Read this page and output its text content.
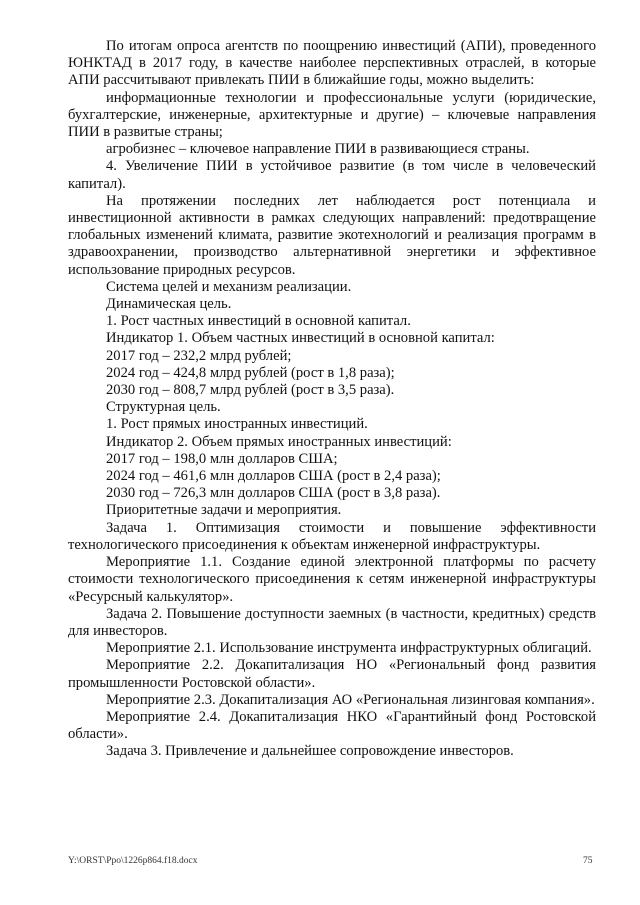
По итогам опроса агентств по поощрению инвестиций (АПИ), проведенного ЮНКТАД в 2017 году, в качестве наиболее перспективных отраслей, в которые АПИ рассчитывают привлекать ПИИ в ближайшие годы, можно выделить:

информационные технологии и профессиональные услуги (юридические, бухгалтерские, инженерные, архитектурные и другие) – ключевые направления ПИИ в развитые страны;

агробизнес – ключевое направление ПИИ в развивающиеся страны.

4. Увеличение ПИИ в устойчивое развитие (в том числе в человеческий капитал).

На протяжении последних лет наблюдается рост потенциала и инвестиционной активности в рамках следующих направлений: предотвращение глобальных изменений климата, развитие экотехнологий и реализация программ в здравоохранении, производство альтернативной энергетики и эффективное использование природных ресурсов.

Система целей и механизм реализации.

Динамическая цель.

1. Рост частных инвестиций в основной капитал.

Индикатор 1. Объем частных инвестиций в основной капитал:

2017 год – 232,2 млрд рублей;

2024 год – 424,8 млрд рублей (рост в 1,8 раза);

2030 год – 808,7 млрд рублей (рост в 3,5 раза).

Структурная цель.

1. Рост прямых иностранных инвестиций.

Индикатор 2. Объем прямых иностранных инвестиций:

2017 год – 198,0 млн долларов США;

2024 год – 461,6 млн долларов США (рост в 2,4 раза);

2030 год – 726,3 млн долларов США (рост в 3,8 раза).

Приоритетные задачи и мероприятия.

Задача 1. Оптимизация стоимости и повышение эффективности технологического присоединения к объектам инженерной инфраструктуры.

Мероприятие 1.1. Создание единой электронной платформы по расчету стоимости технологического присоединения к сетям инженерной инфраструктуры «Ресурсный калькулятор».

Задача 2. Повышение доступности заемных (в частности, кредитных) средств для инвесторов.

Мероприятие 2.1. Использование инструмента инфраструктурных облигаций.

Мероприятие 2.2. Докапитализация НО «Региональный фонд развития промышленности Ростовской области».

Мероприятие 2.3. Докапитализация АО «Региональная лизинговая компания».

Мероприятие 2.4. Докапитализация НКО «Гарантийный фонд Ростовской области».

Задача 3. Привлечение и дальнейшее сопровождение инвесторов.

Y:\ORST\Ppo\1226p864.f18.docx	75
